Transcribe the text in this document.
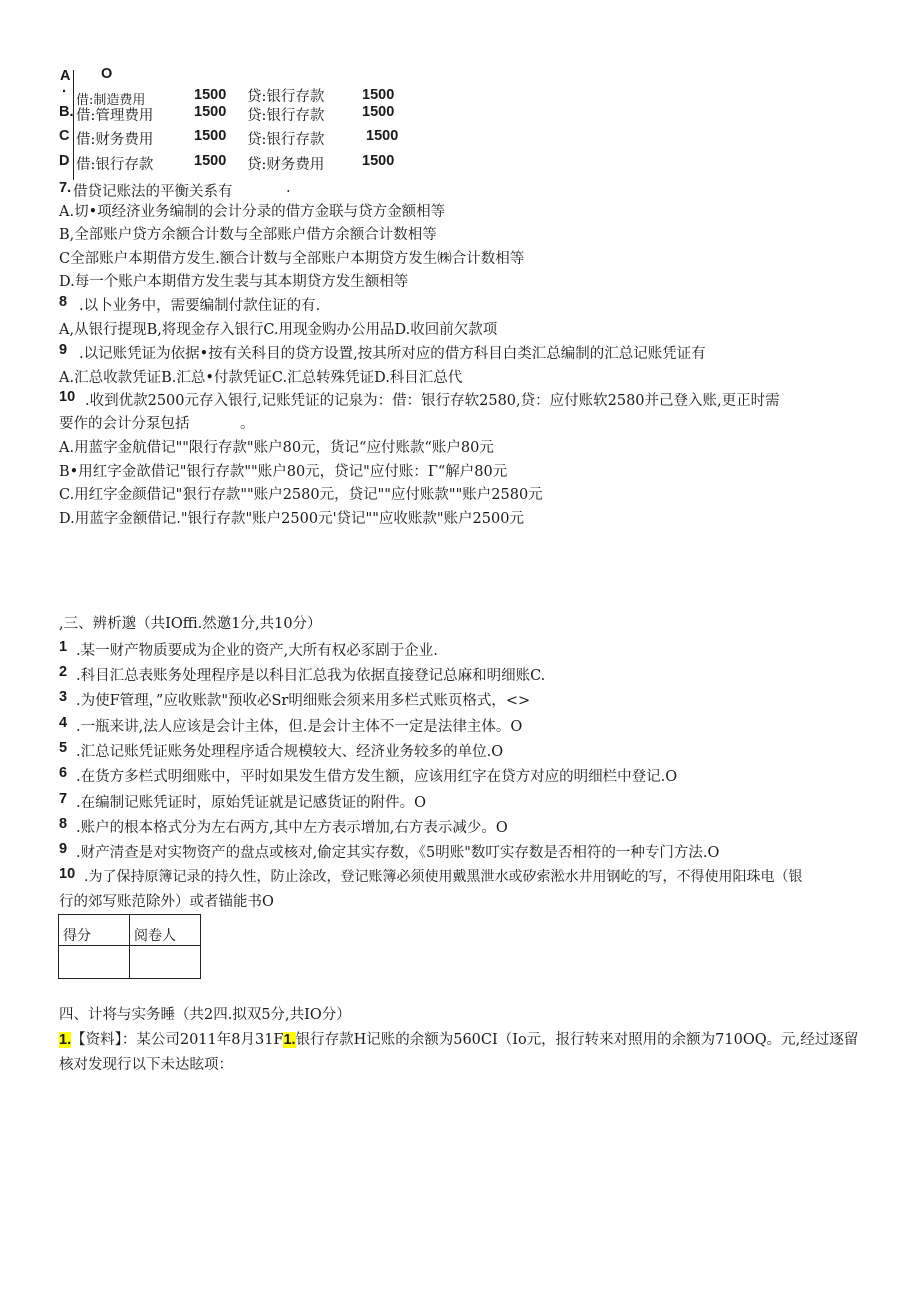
A O
·
借:制造费用	1500 贷:银行存款	1500
B. 借:管理费用	1500 贷:银行存款	1500
C 借:财务费用	1500 贷:银行存款	1500
D 借:银行存款	1500 贷:财务费用	1500
7. 借贷记账法的平衡关系有	.
A.切•项经济业务编制的会计分录的借方金联与贷方金额相等
B,全部账户贷方余额合计数与全部账户借方余额合计数相等
C全部账户本期借方发生.额合计数与全部账户本期贷方发生㈱合计数相等
D.每一个账户本期借方发生裴与其本期贷方发生额相等
8 .以卜业务中，需要编制付款住证的有.
A,从银行提现B,将现金存入银行C.用现金购办公用品D.收回前欠款项
9 .以记账凭证为依据•按有关科目的贷方设置,按其所对应的借方科目白类汇总编制的汇总记账凭证有
A.汇总收款凭证B.汇总•付款凭证C.汇总转殊凭证D.科目汇总代
10 .收到优款2500元存入银行,记账凭证的记泉为：借：银行存软2580,贷：应付账软2580并己登入账,更正时需
要作的会计分泵包括	。
A.用蓝字金航借记""限行存款"账户80元，货记“应付账款“账户80元
B•用红字金歆借记"银行存款""账户80元，贷记"应付账：Γ“解户80元
C.用红字金颜借记"狠行存款""账户2580元，贷记""应付账款""账户2580元
D.用蓝字金额借记."银行存款"账户2500元'贷记""应收账款"账户2500元
,三、辨析邈（共IOffi.然邀1分,共10分）
1 .某一财产物质要成为企业的资产,大所有权必豕剧于企业.
2 .科目汇总表账务处理程序是以科目汇总我为依据直接登记总麻和明细账C.
3 .为使F管理，”应收账款"预收必Sr明细账会须来用多栏式账页格式，<>
4 .一瓶来讲,法人应该是会计主体，但.是会计主体不一定是法律主体。O
5 .汇总记账凭证账务处理程序适合规模较大、经济业务较多的单位.O
6 .在货方多栏式明细账中，平时如果发生借方发生额，应该用红字在贷方对应的明细栏中登记.O
7 .在编制记账凭证时，原始凭证就是记感货证的附件。O
8 .账户的根本格式分为左右两方,其中左方表示增加,右方表示减少。O
9 .财产清查是对实物资产的盘点或核对,偷定其实存数，《5明账"数叮实存数是否相符的一种专门方法.O
10 .为了保持原簿记录的持久性，防止涂改，登记账簿必须使用戴黑泄水或矽索淞水井用钢屹的写，不得使用阳珠电（银
行的郊写账范除外）或者锚能书O
得分	阅卷人

四、计将与实务睡（共2四.拟双5分,共IO分）
1.【资料】：某公司2011年8月31F1.银行存款H记账的余额为560CI（Io元，报行转来对照用的余额为710OQ。元,经过逐留
核对发现行以下未达眩项：
